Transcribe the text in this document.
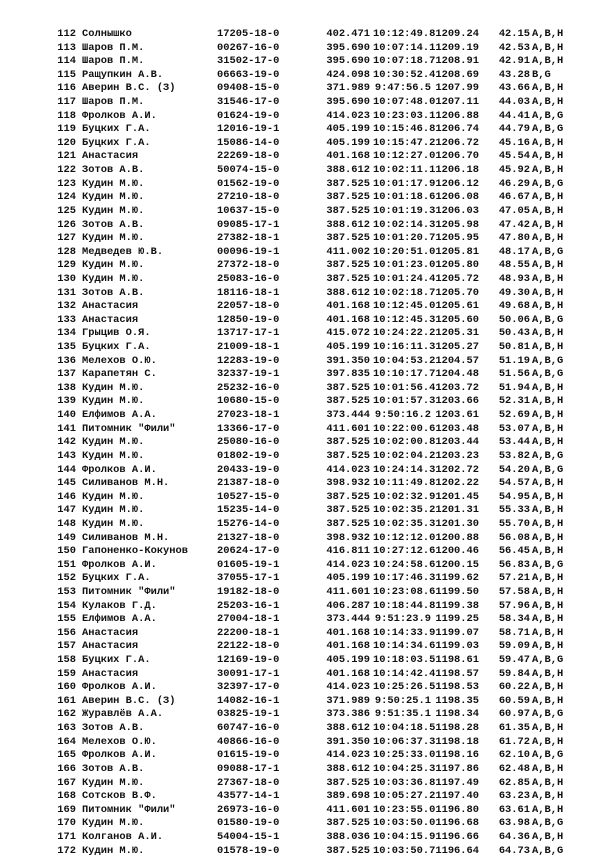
112 Солнышко	17205-18-0	402.471 10:12:49.8 1209.24	42.15 A,B,H
113 Шаров П.М.	00267-16-0	395.690 10:07:14.1 1209.19	42.53 A,B,H
114 Шаров П.М.	31502-17-0	395.690 10:07:18.7 1208.91	42.91 A,B,H
115 Ращупкин А.В.	06663-19-0	424.098 10:30:52.4 1208.69	43.28 B,G
116 Аверин В.С. (З)	09408-15-0	371.989 9:47:56.5 1207.99	43.66 A,B,H
117 Шаров П.М.	31546-17-0	395.690 10:07:48.0 1207.11	44.03 A,B,H
118 Фролков А.И.	01624-19-0	414.023 10:23:03.1 1206.88	44.41 A,B,G
119 Буцких Г.А.	12016-19-1	405.199 10:15:46.8 1206.74	44.79 A,B,G
120 Буцких Г.А.	15086-14-0	405.199 10:15:47.2 1206.72	45.16 A,B,H
121 Анастасия	22269-18-0	401.168 10:12:27.0 1206.70	45.54 A,B,H
122 Зотов А.В.	50074-15-0	388.612 10:02:11.1 1206.18	45.92 A,B,H
123 Кудин М.Ю.	01562-19-0	387.525 10:01:17.9 1206.12	46.29 A,B,G
124 Кудин М.Ю.	27210-18-0	387.525 10:01:18.6 1206.08	46.67 A,B,H
125 Кудин М.Ю.	10637-15-0	387.525 10:01:19.3 1206.03	47.05 A,B,H
126 Зотов А.В.	09085-17-1	388.612 10:02:14.3 1205.98	47.42 A,B,H
127 Кудин М.Ю.	27382-18-1	387.525 10:01:20.7 1205.95	47.80 A,B,H
128 Медведев Ю.В.	00096-19-1	411.002 10:20:51.0 1205.81	48.17 A,B,G
129 Кудин М.Ю.	27372-18-0	387.525 10:01:23.0 1205.80	48.55 A,B,H
130 Кудин М.Ю.	25083-16-0	387.525 10:01:24.4 1205.72	48.93 A,B,H
131 Зотов А.В.	18116-18-1	388.612 10:02:18.7 1205.70	49.30 A,B,H
132 Анастасия	22057-18-0	401.168 10:12:45.0 1205.61	49.68 A,B,H
133 Анастасия	12850-19-0	401.168 10:12:45.3 1205.60	50.06 A,B,G
134 Грыцив О.Я.	13717-17-1	415.072 10:24:22.2 1205.31	50.43 A,B,H
135 Буцких Г.А.	21009-18-1	405.199 10:16:11.3 1205.27	50.81 A,B,H
136 Мелехов О.Ю.	12283-19-0	391.350 10:04:53.2 1204.57	51.19 A,B,G
137 Карапетян С.	32337-19-1	397.835 10:10:17.7 1204.48	51.56 A,B,G
138 Кудин М.Ю.	25232-16-0	387.525 10:01:56.4 1203.72	51.94 A,B,H
139 Кудин М.Ю.	10680-15-0	387.525 10:01:57.3 1203.66	52.31 A,B,H
140 Елфимов А.А.	27023-18-1	373.444 9:50:16.2 1203.61	52.69 A,B,H
141 Питомник "Фили"	13366-17-0	411.601 10:22:00.6 1203.48	53.07 A,B,H
142 Кудин М.Ю.	25080-16-0	387.525 10:02:00.8 1203.44	53.44 A,B,H
143 Кудин М.Ю.	01802-19-0	387.525 10:02:04.2 1203.23	53.82 A,B,G
144 Фролков А.И.	20433-19-0	414.023 10:24:14.3 1202.72	54.20 A,B,G
145 Силиванов М.Н.	21387-18-0	398.932 10:11:49.8 1202.22	54.57 A,B,H
146 Кудин М.Ю.	10527-15-0	387.525 10:02:32.9 1201.45	54.95 A,B,H
147 Кудин М.Ю.	15235-14-0	387.525 10:02:35.2 1201.31	55.33 A,B,H
148 Кудин М.Ю.	15276-14-0	387.525 10:02:35.3 1201.30	55.70 A,B,H
149 Силиванов М.Н.	21327-18-0	398.932 10:12:12.0 1200.88	56.08 A,B,H
150 Гапоненко-Кокунов	20624-17-0	416.811 10:27:12.6 1200.46	56.45 A,B,H
151 Фролков А.И.	01605-19-1	414.023 10:24:58.6 1200.15	56.83 A,B,G
152 Буцких Г.А.	37055-17-1	405.199 10:17:46.3 1199.62	57.21 A,B,H
153 Питомник "Фили"	19182-18-0	411.601 10:23:08.6 1199.50	57.58 A,B,H
154 Кулаков Г.Д.	25203-16-1	406.287 10:18:44.8 1199.38	57.96 A,B,H
155 Елфимов А.А.	27004-18-1	373.444 9:51:23.9 1199.25	58.34 A,B,H
156 Анастасия	22200-18-1	401.168 10:14:33.9 1199.07	58.71 A,B,H
157 Анастасия	22122-18-0	401.168 10:14:34.6 1199.03	59.09 A,B,H
158 Буцких Г.А.	12169-19-0	405.199 10:18:03.5 1198.61	59.47 A,B,G
159 Анастасия	30091-17-1	401.168 10:14:42.4 1198.57	59.84 A,B,H
160 Фролков А.И.	32397-17-0	414.023 10:25:26.5 1198.53	60.22 A,B,H
161 Аверин В.С. (З)	14082-16-1	371.989 9:50:25.1 1198.35	60.59 A,B,H
162 Журавлёв А.А.	03825-19-1	373.386 9:51:35.1 1198.34	60.97 A,B,G
163 Зотов А.В.	60747-16-0	388.612 10:04:18.5 1198.28	61.35 A,B,H
164 Мелехов О.Ю.	40866-16-0	391.350 10:06:37.3 1198.18	61.72 A,B,H
165 Фролков А.И.	01615-19-0	414.023 10:25:33.0 1198.16	62.10 A,B,G
166 Зотов А.В.	09088-17-1	388.612 10:04:25.3 1197.86	62.48 A,B,H
167 Кудин М.Ю.	27367-18-0	387.525 10:03:36.8 1197.49	62.85 A,B,H
168 Сотсков В.Ф.	43577-14-1	389.698 10:05:27.2 1197.40	63.23 A,B,H
169 Питомник "Фили"	26973-16-0	411.601 10:23:55.0 1196.80	63.61 A,B,H
170 Кудин М.Ю.	01580-19-0	387.525 10:03:50.0 1196.68	63.98 A,B,G
171 Колганов А.И.	54004-15-1	388.036 10:04:15.9 1196.66	64.36 A,B,H
172 Кудин М.Ю.	01578-19-0	387.525 10:03:50.7 1196.64	64.73 A,B,G
